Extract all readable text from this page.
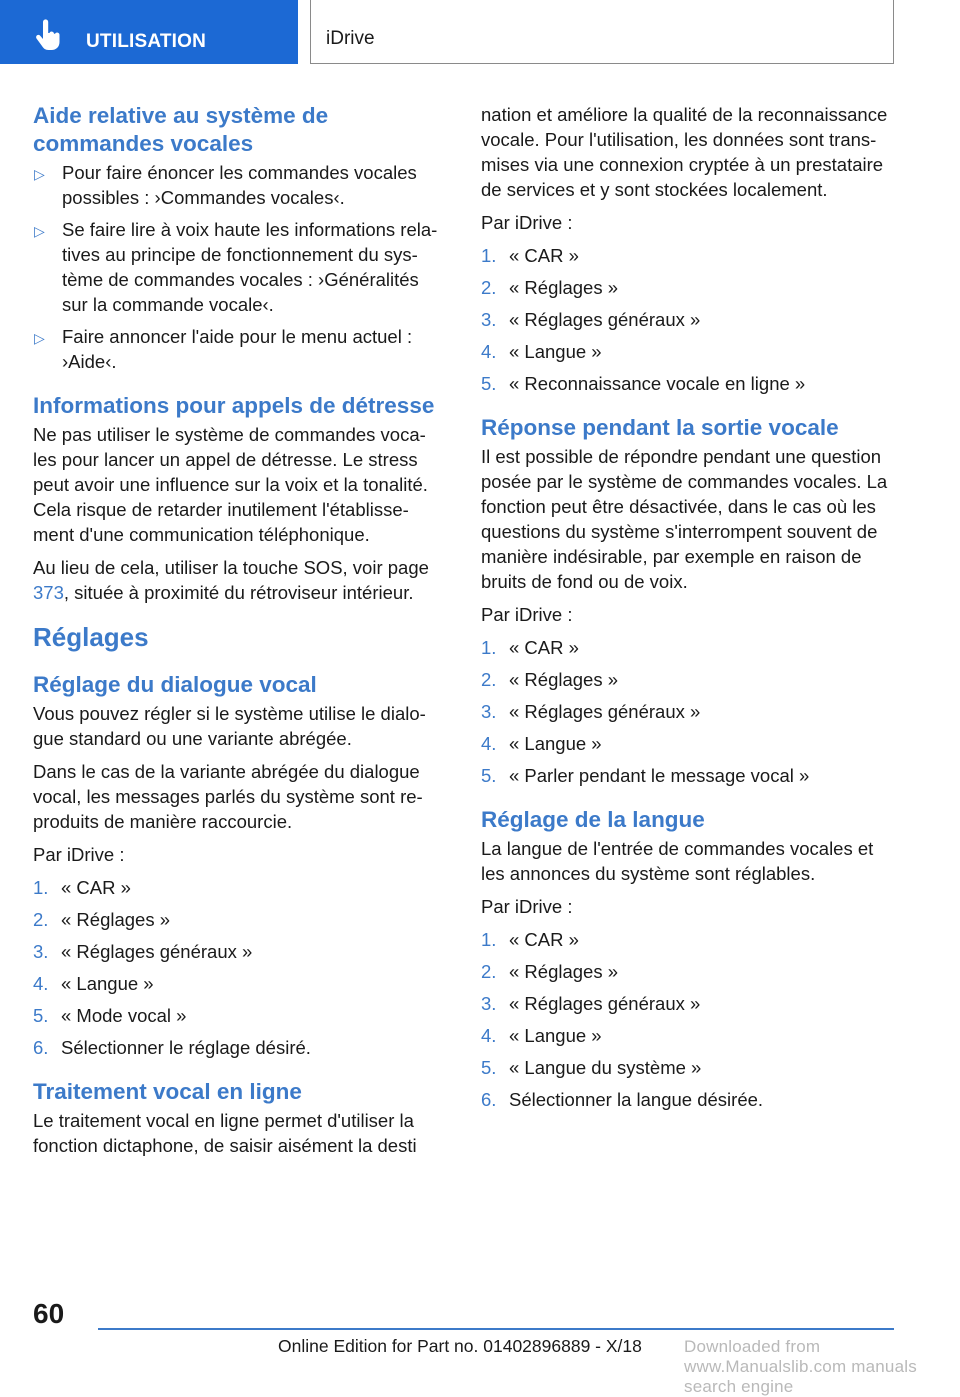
UTILISATION	iDrive
Aide relative au système de commandes vocales
▷ Pour faire énoncer les commandes vocales possibles : ›Commandes vocales‹.
▷ Se faire lire à voix haute les informations relatives au principe de fonctionnement du système de commandes vocales : ›Généralités sur la commande vocale‹.
▷ Faire annoncer l'aide pour le menu actuel : ›Aide‹.
Informations pour appels de détresse

Ne pas utiliser le système de commandes vocales pour lancer un appel de détresse. Le stress peut avoir une influence sur la voix et la tonalité. Cela risque de retarder inutilement l'établissement d'une communication téléphonique.

Au lieu de cela, utiliser la touche SOS, voir page 373, située à proximité du rétroviseur intérieur.

Réglages
Réglage du dialogue vocal

Vous pouvez régler si le système utilise le dialogue standard ou une variante abrégée.

Dans le cas de la variante abrégée du dialogue vocal, les messages parlés du système sont reproduits de manière raccourcie.

Par iDrive :

1. « CAR »
2. « Réglages »
3. « Réglages généraux »
4. « Langue »
5. « Mode vocal »
6. Sélectionner le réglage désiré.
Traitement vocal en ligne

Le traitement vocal en ligne permet d'utiliser la fonction dictaphone, de saisir aisément la desti

nation et améliore la qualité de la reconnaissance vocale. Pour l'utilisation, les données sont transmises via une connexion cryptée à un prestataire de services et y sont stockées localement.

Par iDrive :

1. « CAR »
2. « Réglages »
3. « Réglages généraux »
4. « Langue »
5. « Reconnaissance vocale en ligne »
Réponse pendant la sortie vocale

Il est possible de répondre pendant une question posée par le système de commandes vocales. La fonction peut être désactivée, dans le cas où les questions du système s'interrompent souvent de manière indésirable, par exemple en raison de bruits de fond ou de voix.

Par iDrive :

1. « CAR »
2. « Réglages »
3. « Réglages généraux »
4. « Langue »
5. « Parler pendant le message vocal »
Réglage de la langue

La langue de l'entrée de commandes vocales et les annonces du système sont réglables.

Par iDrive :

1. « CAR »
2. « Réglages »
3. « Réglages généraux »
4. « Langue »
5. « Langue du système »
6. Sélectionner la langue désirée.
60
Online Edition for Part no. 01402896889 - X/18 Downloaded from www.Manualslib.com manuals search engine
